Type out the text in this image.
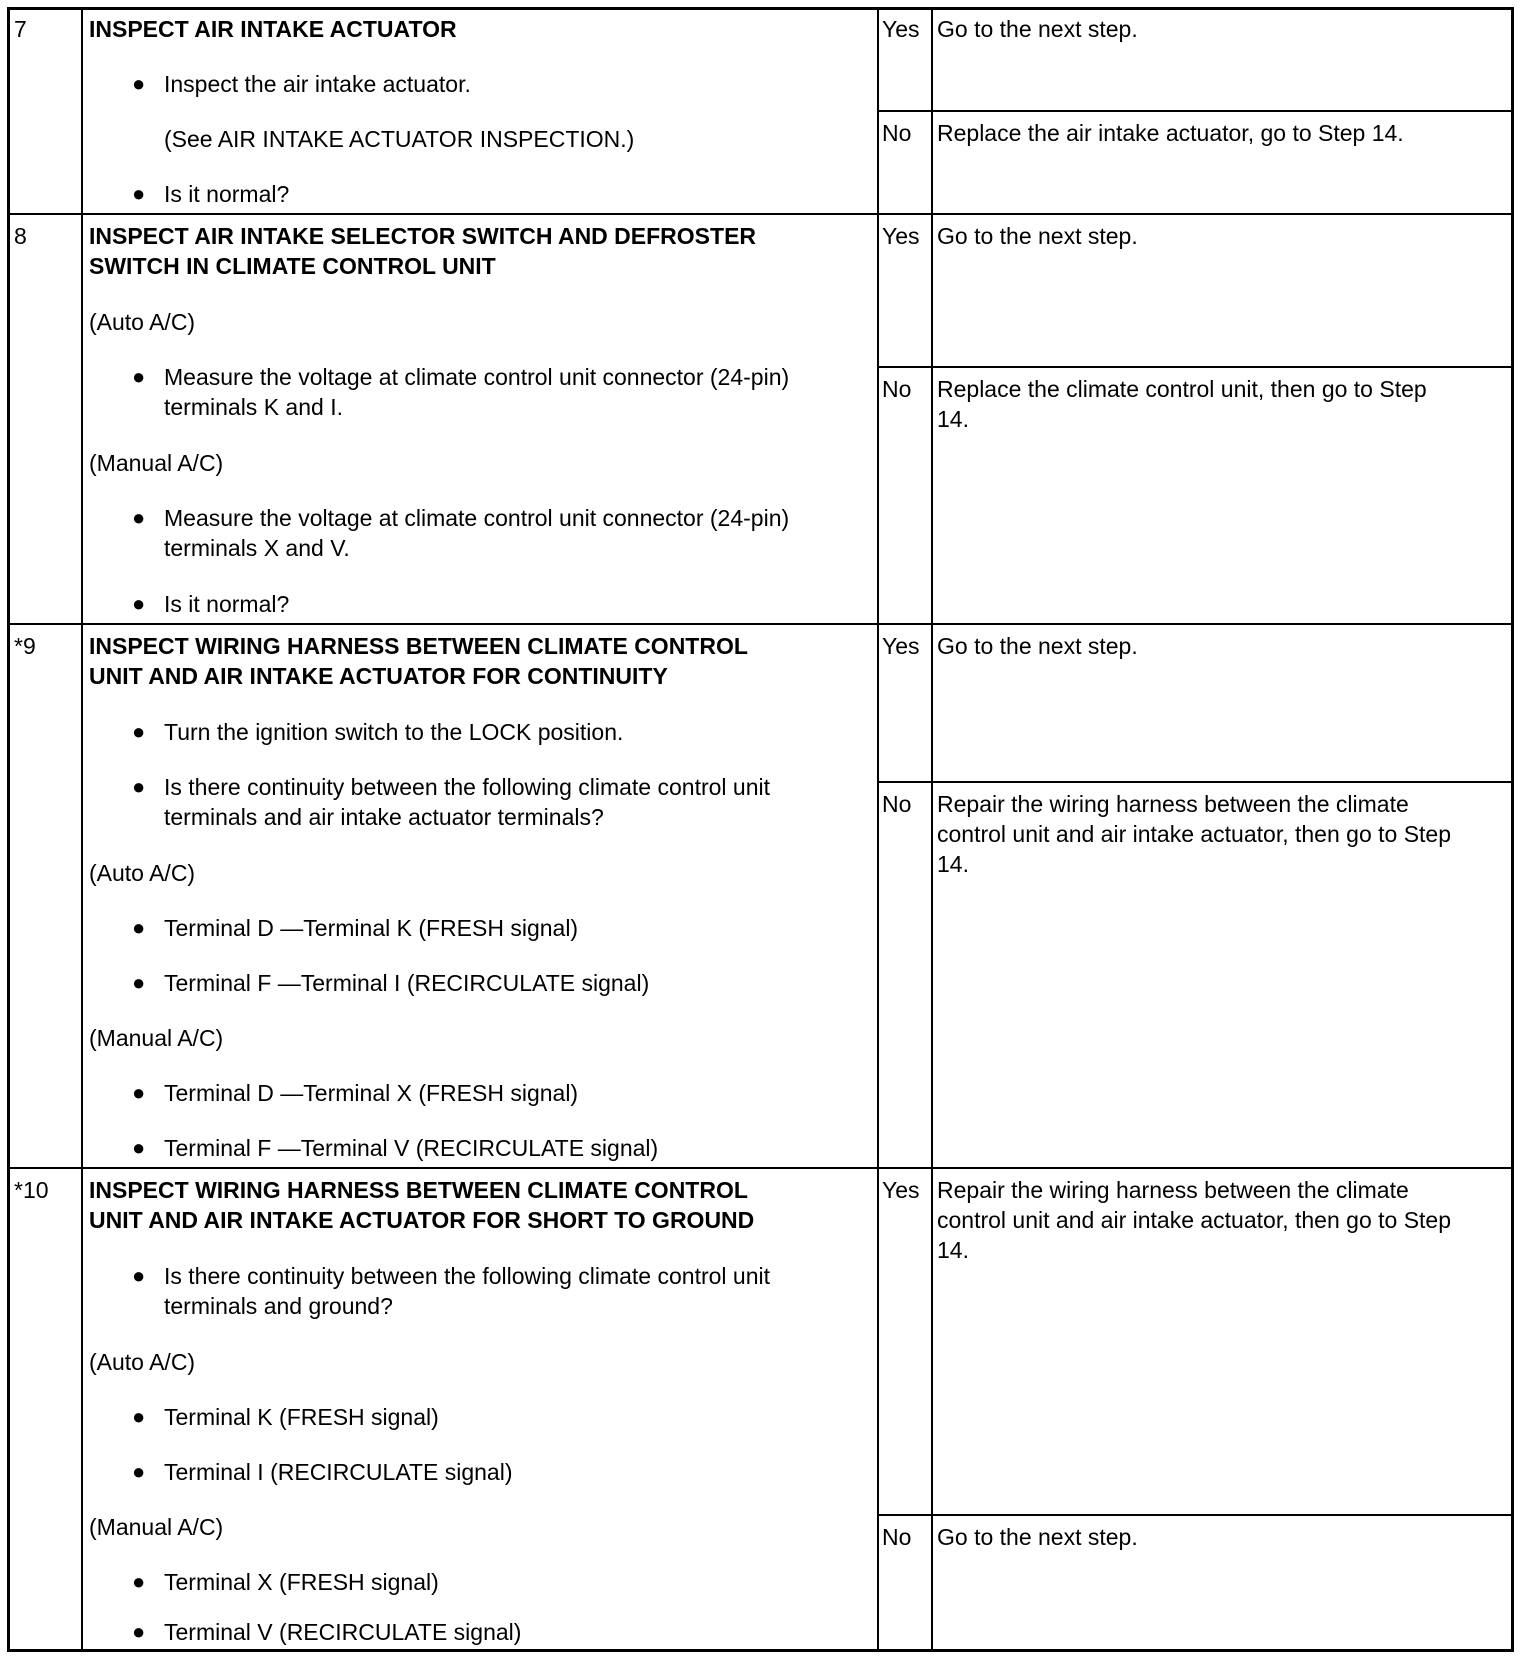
7	INSPECT AIR INTAKE ACTUATOR
● Inspect the air intake actuator.
(See AIR INTAKE ACTUATOR INSPECTION.)
● Is it normal?
Yes Go to the next step.
No Replace the air intake actuator, go to Step 14.
8	INSPECT AIR INTAKE SELECTOR SWITCH AND DEFROSTER
SWITCH IN CLIMATE CONTROL UNIT
(Auto A/C)
● Measure the voltage at climate control unit connector (24-pin)
terminals K and I.
(Manual A/C)
● Measure the voltage at climate control unit connector (24-pin)
terminals X and V.
● Is it normal?
Yes Go to the next step.
No Replace the climate control unit, then go to Step
14.
*9 INSPECT WIRING HARNESS BETWEEN CLIMATE CONTROL
UNIT AND AIR INTAKE ACTUATOR FOR CONTINUITY
● Turn the ignition switch to the LOCK position.
● Is there continuity between the following climate control unit
terminals and air intake actuator terminals?
(Auto A/C)
● Terminal D —Terminal K (FRESH signal)
● Terminal F —Terminal I (RECIRCULATE signal)
(Manual A/C)
● Terminal D —Terminal X (FRESH signal)
● Terminal F —Terminal V (RECIRCULATE signal)
Yes Go to the next step.
No Repair the wiring harness between the climate
control unit and air intake actuator, then go to Step
14.
*10 INSPECT WIRING HARNESS BETWEEN CLIMATE CONTROL
UNIT AND AIR INTAKE ACTUATOR FOR SHORT TO GROUND
● Is there continuity between the following climate control unit
terminals and ground?
(Auto A/C)
● Terminal K (FRESH signal)
● Terminal I (RECIRCULATE signal)
(Manual A/C)
● Terminal X (FRESH signal)
● Terminal V (RECIRCULATE signal)
Yes Repair the wiring harness between the climate
control unit and air intake actuator, then go to Step
14.
No Go to the next step.
